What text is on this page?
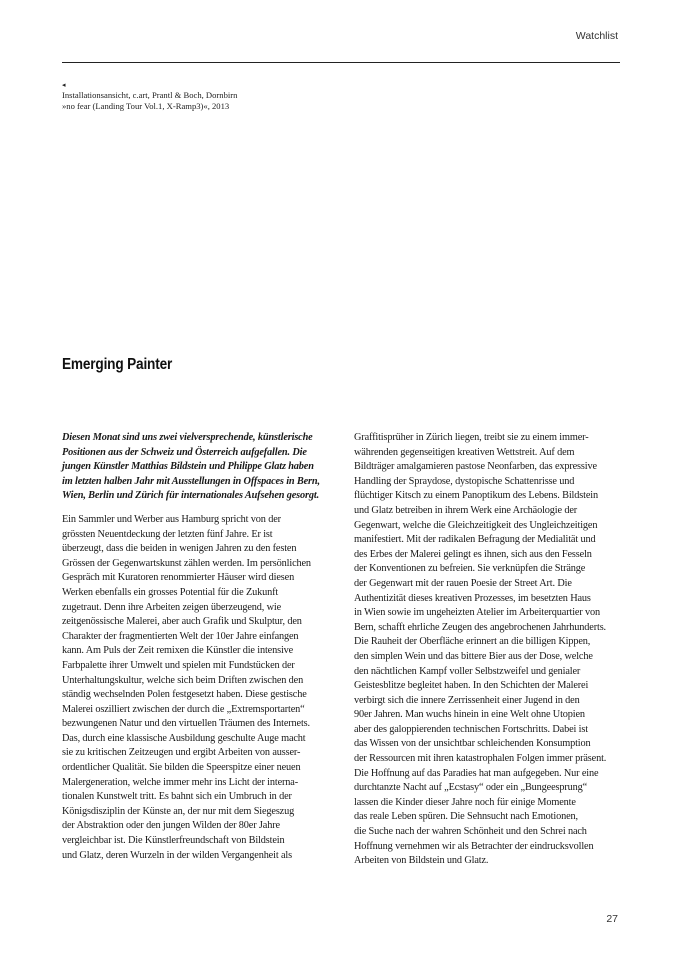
Watchlist
◂
Installationsansicht, c.art, Prantl & Boch, Dornbirn
»no fear (Landing Tour Vol.1, X-Ramp3)«, 2013
Emerging Painter
Diesen Monat sind uns zwei vielversprechende, künstlerische
Positionen aus der Schweiz und Österreich aufgefallen. Die
jungen Künstler Matthias Bildstein und Philippe Glatz haben
im letzten halben Jahr mit Ausstellungen in Offspaces in Bern,
Wien, Berlin und Zürich für internationales Aufsehen gesorgt.
Ein Sammler und Werber aus Hamburg spricht von der
grössten Neuentdeckung der letzten fünf Jahre. Er ist
überzeugt, dass die beiden in wenigen Jahren zu den festen
Grössen der Gegenwartskunst zählen werden. Im persönlichen
Gespräch mit Kuratoren renommierter Häuser wird diesen
Werken ebenfalls ein grosses Potential für die Zukunft
zugetraut. Denn ihre Arbeiten zeigen überzeugend, wie
zeitgenössische Malerei, aber auch Grafik und Skulptur, den
Charakter der fragmentierten Welt der 10er Jahre einfangen
kann. Am Puls der Zeit remixen die Künstler die intensive
Farbpalette ihrer Umwelt und spielen mit Fundstücken der
Unterhaltungskultur, welche sich beim Driften zwischen den
ständig wechselnden Polen festgesetzt haben. Diese gestische
Malerei oszilliert zwischen der durch die „Extremsportarten“
bezwungenen Natur und den virtuellen Träumen des Internets.
Das, durch eine klassische Ausbildung geschulte Auge macht
sie zu kritischen Zeitzeugen und ergibt Arbeiten von ausser-
ordentlicher Qualität. Sie bilden die Speerspitze einer neuen
Malergeneration, welche immer mehr ins Licht der interna-
tionalen Kunstwelt tritt. Es bahnt sich ein Umbruch in der
Königsdisziplin der Künste an, der nur mit dem Siegeszug
der Abstraktion oder den jungen Wilden der 80er Jahre
vergleichbar ist. Die Künstlerfreundschaft von Bildstein
und Glatz, deren Wurzeln in der wilden Vergangenheit als
Graffitisprüher in Zürich liegen, treibt sie zu einem immer-
währenden gegenseitigen kreativen Wettstreit. Auf dem
Bildträger amalgamieren pastose Neonfarben, das expressive
Handling der Spraydose, dystopische Schattenrisse und
flüchtiger Kitsch zu einem Panoptikum des Lebens. Bildstein
und Glatz betreiben in ihrem Werk eine Archäologie der
Gegenwart, welche die Gleichzeitigkeit des Ungleichzeitigen
manifestiert. Mit der radikalen Befragung der Medialität und
des Erbes der Malerei gelingt es ihnen, sich aus den Fesseln
der Konventionen zu befreien. Sie verknüpfen die Stränge
der Gegenwart mit der rauen Poesie der Street Art. Die
Authentizität dieses kreativen Prozesses, im besetzten Haus
in Wien sowie im ungeheizten Atelier im Arbeiterquartier von
Bern, schafft ehrliche Zeugen des angebrochenen Jahrhunderts.
Die Rauheit der Oberfläche erinnert an die billigen Kippen,
den simplen Wein und das bittere Bier aus der Dose, welche
den nächtlichen Kampf voller Selbstzweifel und genialer
Geistesblitze begleitet haben. In den Schichten der Malerei
verbirgt sich die innere Zerrissenheit einer Jugend in den
90er Jahren. Man wuchs hinein in eine Welt ohne Utopien
aber des galoppierenden technischen Fortschritts. Dabei ist
das Wissen von der unsichtbar schleichenden Konsumption
der Ressourcen mit ihren katastrophalen Folgen immer präsent.
Die Hoffnung auf das Paradies hat man aufgegeben. Nur eine
durchtanzte Nacht auf „Ecstasy“ oder ein „Bungeesprung“
lassen die Kinder dieser Jahre noch für einige Momente
das reale Leben spüren. Die Sehnsucht nach Emotionen,
die Suche nach der wahren Schönheit und den Schrei nach
Hoffnung vernehmen wir als Betrachter der eindrucksvollen
Arbeiten von Bildstein und Glatz.
27
